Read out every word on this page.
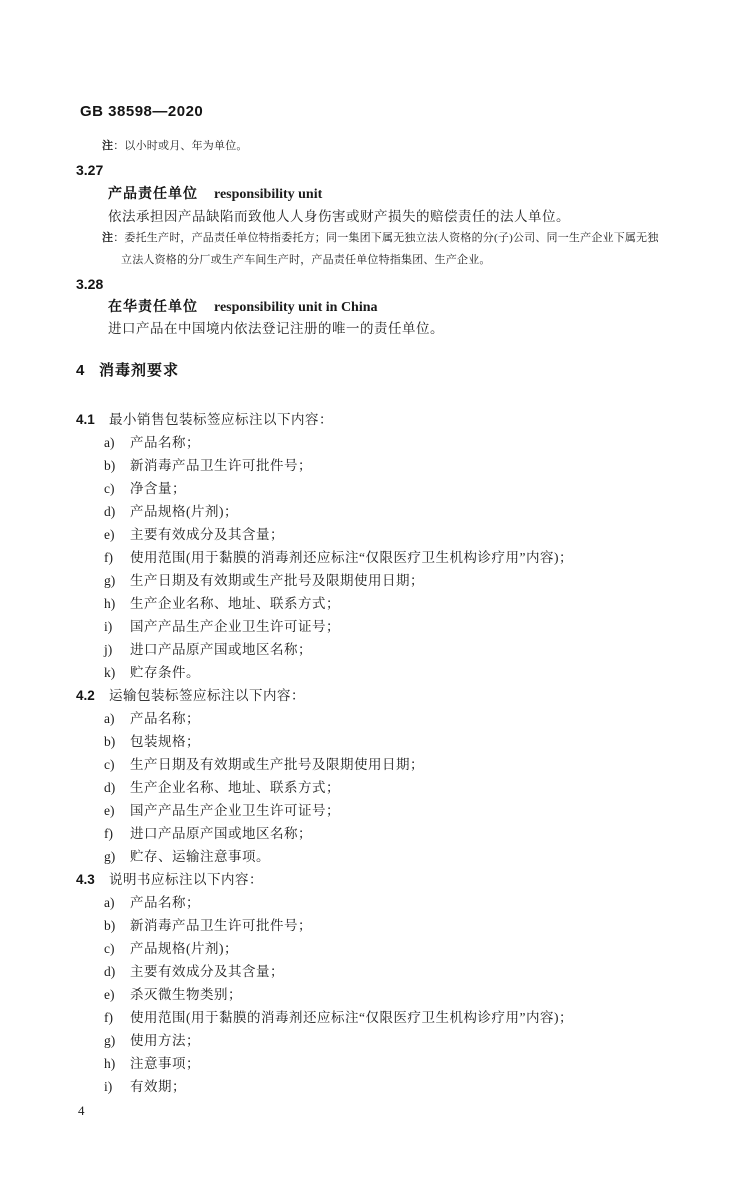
GB 38598—2020
注：以小时或月、年为单位。
3.27
产品责任单位 responsibility unit
依法承担因产品缺陷而致他人人身伤害或财产损失的赔偿责任的法人单位。
注：委托生产时，产品责任单位特指委托方；同一集团下属无独立法人资格的分(子)公司、同一生产企业下属无独
立法人资格的分厂或生产车间生产时，产品责任单位特指集团、生产企业。
3.28
在华责任单位 responsibility unit in China
进口产品在中国境内依法登记注册的唯一的责任单位。
4 消毒剂要求
4.1 最小销售包装标签应标注以下内容：
a) 产品名称；
b) 新消毒产品卫生许可批件号；
c) 净含量；
d) 产品规格(片剂)；
e) 主要有效成分及其含量；
f) 使用范围(用于黏膜的消毒剂还应标注“仅限医疗卫生机构诊疗用”内容)；
g) 生产日期及有效期或生产批号及限期使用日期；
h) 生产企业名称、地址、联系方式；
i) 国产产品生产企业卫生许可证号；
j) 进口产品原产国或地区名称；
k) 贮存条件。
4.2 运输包装标签应标注以下内容：
a) 产品名称；
b) 包装规格；
c) 生产日期及有效期或生产批号及限期使用日期；
d) 生产企业名称、地址、联系方式；
e) 国产产品生产企业卫生许可证号；
f) 进口产品原产国或地区名称；
g) 贮存、运输注意事项。
4.3 说明书应标注以下内容：
a) 产品名称；
b) 新消毒产品卫生许可批件号；
c) 产品规格(片剂)；
d) 主要有效成分及其含量；
e) 杀灭微生物类别；
f) 使用范围(用于黏膜的消毒剂还应标注“仅限医疗卫生机构诊疗用”内容)；
g) 使用方法；
h) 注意事项；
i) 有效期；
4
